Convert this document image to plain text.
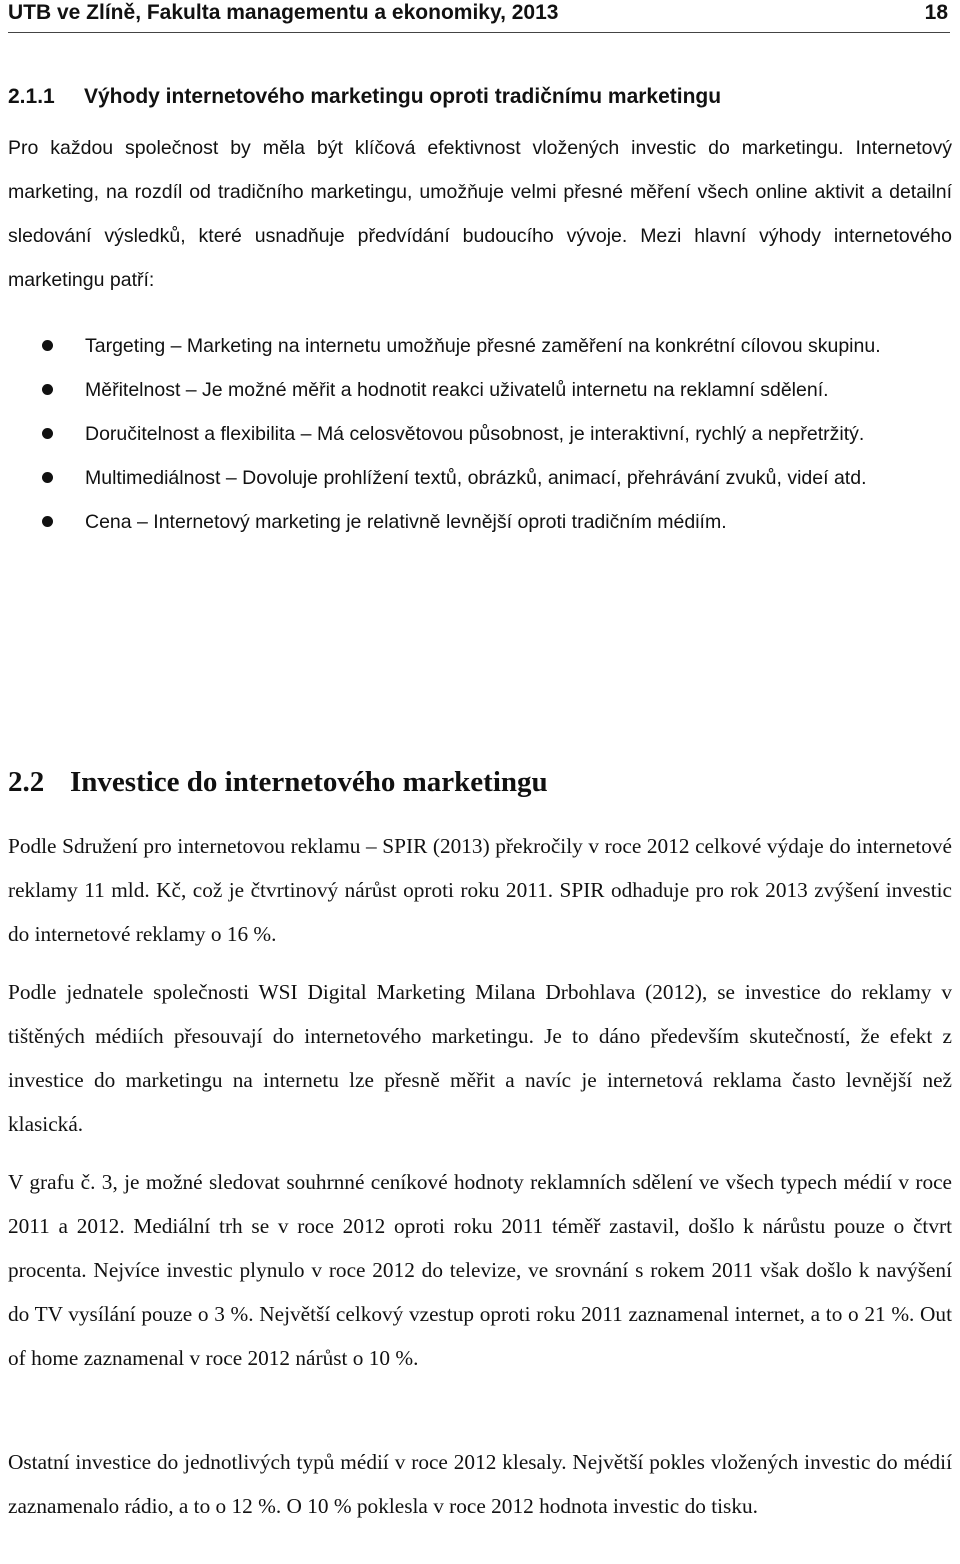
UTB ve Zlíně, Fakulta managementu a ekonomiky, 2013	18
2.1.1 Výhody internetového marketingu oproti tradičnímu marketingu

Pro každou společnost by měla být klíčová efektivnost vložených investic do marketingu. Internetový marketing, na rozdíl od tradičního marketingu, umožňuje velmi přesné měření všech online aktivit a detailní sledování výsledků, které usnadňuje předvídání budoucího vývoje. Mezi hlavní výhody internetového marketingu patří:

Targeting – Marketing na internetu umožňuje přesné zaměření na konkrétní cílovou skupinu.
Měřitelnost – Je možné měřit a hodnotit reakci uživatelů internetu na reklamní sdělení.
Doručitelnost a flexibilita – Má celosvětovou působnost, je interaktivní, rychlý a nepřetržitý.
Multimediálnost – Dovoluje prohlížení textů, obrázků, animací, přehrávání zvuků, videí atd.
Cena – Internetový marketing je relativně levnější oproti tradičním médiím.
2.2 Investice do internetového marketingu

Podle Sdružení pro internetovou reklamu – SPIR (2013) překročily v roce 2012 celkové výdaje do internetové reklamy 11 mld. Kč, což je čtvrtinový nárůst oproti roku 2011. SPIR odhaduje pro rok 2013 zvýšení investic do internetové reklamy o 16 %.

Podle jednatele společnosti WSI Digital Marketing Milana Drbohlava (2012), se investice do reklamy v tištěných médiích přesouvají do internetového marketingu. Je to dáno především skutečností, že efekt z investice do marketingu na internetu lze přesně měřit a navíc je internetová reklama často levnější než klasická.

V grafu č. 3, je možné sledovat souhrnné ceníkové hodnoty reklamních sdělení ve všech typech médií v roce 2011 a 2012. Mediální trh se v roce 2012 oproti roku 2011 téměř zastavil, došlo k nárůstu pouze o čtvrt procenta. Nejvíce investic plynulo v roce 2012 do televize, ve srovnání s rokem 2011 však došlo k navýšení do TV vysílání pouze o 3 %. Největší celkový vzestup oproti roku 2011 zaznamenal internet, a to o 21 %. Out of home zaznamenal v roce 2012 nárůst o 10 %.

Ostatní investice do jednotlivých typů médií v roce 2012 klesaly. Největší pokles vložených investic do médií zaznamenalo rádio, a to o 12 %. O 10 % poklesla v roce 2012 hodnota investic do tisku.
